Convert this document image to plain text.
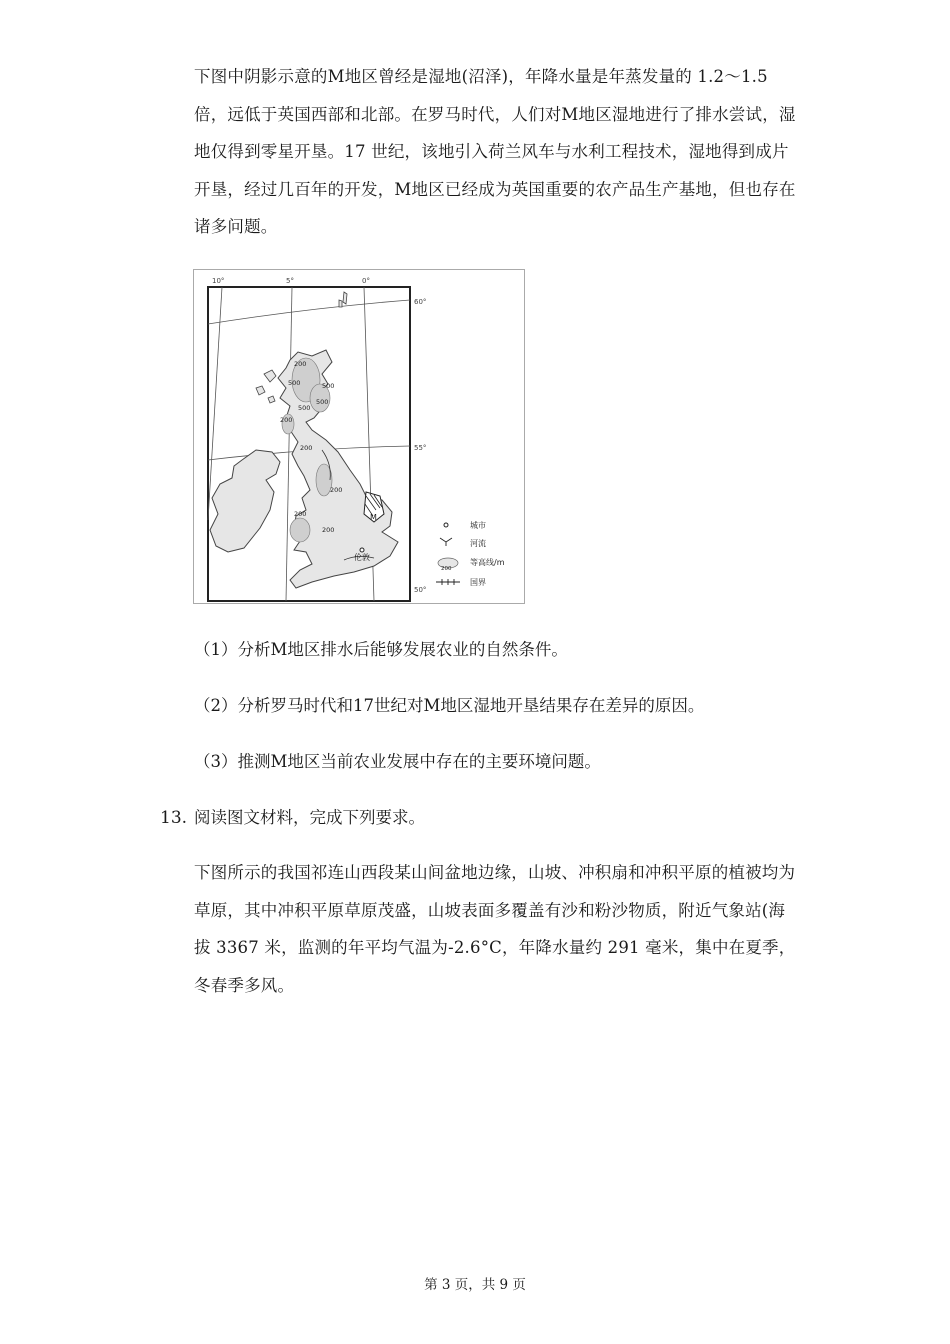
下图中阴影示意的M地区曾经是湿地(沼泽)，年降水量是年蒸发量的 1.2～1.5 倍，远低于英国西部和北部。在罗马时代，人们对M地区湿地进行了排水尝试，湿地仅得到零星开垦。17 世纪，该地引入荷兰风车与水利工程技术，湿地得到成片开垦，经过几百年的开发，M地区已经成为英国重要的农产品生产基地，但也存在诸多问题。

200
500	500
500
500
200
200
200
200
200	M
伦敦
10°	5°	0°
60°
55°
50°
城市
河流
200
等高线/m
国界

（1）分析M地区排水后能够发展农业的自然条件。

（2）分析罗马时代和17世纪对M地区湿地开垦结果存在差异的原因。

（3）推测M地区当前农业发展中存在的主要环境问题。

13. 阅读图文材料，完成下列要求。

下图所示的我国祁连山西段某山间盆地边缘，山坡、冲积扇和冲积平原的植被均为草原，其中冲积平原草原茂盛，山坡表面多覆盖有沙和粉沙物质，附近气象站(海拔 3367 米，监测的年平均气温为-2.6°C，年降水量约 291 毫米，集中在夏季，冬春季多风。

第 3 页，共 9 页
